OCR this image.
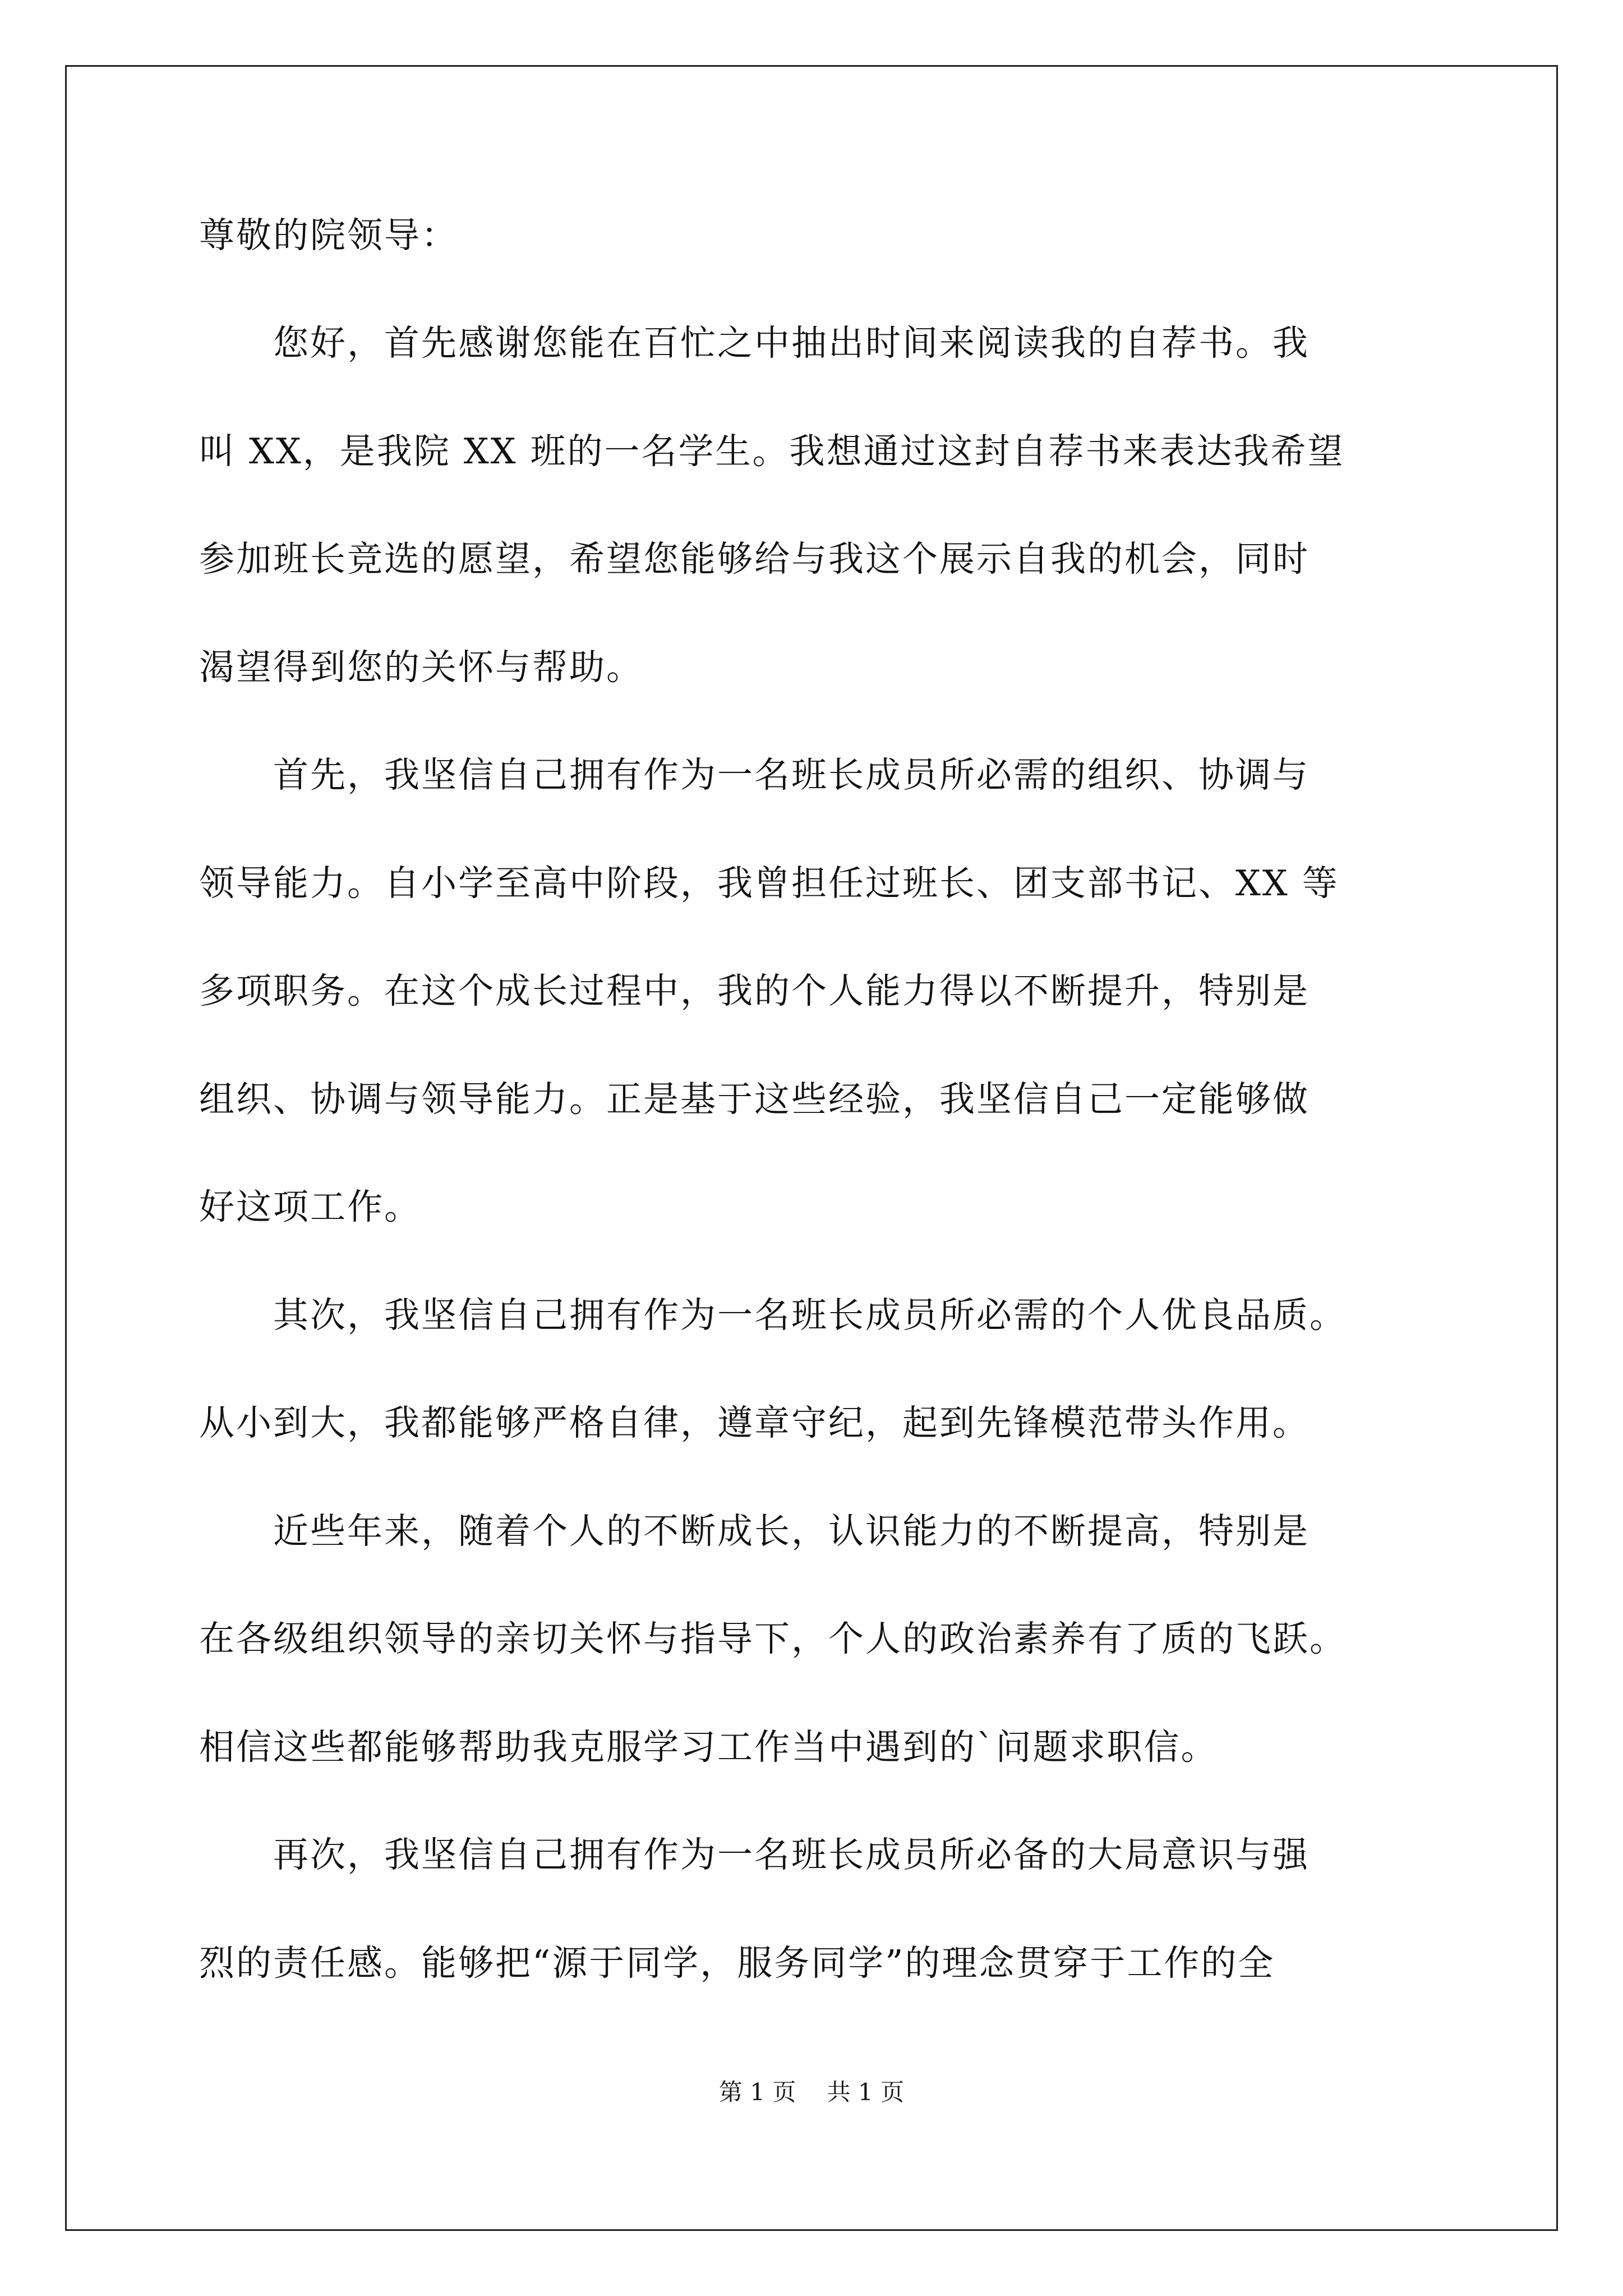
尊敬的院领导：

　　您好，首先感谢您能在百忙之中抽出时间来阅读我的自荐书。我

叫 XX，是我院 XX 班的一名学生。我想通过这封自荐书来表达我希望

参加班长竞选的愿望，希望您能够给与我这个展示自我的机会，同时

渴望得到您的关怀与帮助。

　　首先，我坚信自己拥有作为一名班长成员所必需的组织、协调与

领导能力。自小学至高中阶段，我曾担任过班长、团支部书记、XX 等

多项职务。在这个成长过程中，我的个人能力得以不断提升，特别是

组织、协调与领导能力。正是基于这些经验，我坚信自己一定能够做

好这项工作。

　　其次，我坚信自己拥有作为一名班长成员所必需的个人优良品质。

从小到大，我都能够严格自律，遵章守纪，起到先锋模范带头作用。

　　近些年来，随着个人的不断成长，认识能力的不断提高，特别是

在各级组织领导的亲切关怀与指导下，个人的政治素养有了质的飞跃。

相信这些都能够帮助我克服学习工作当中遇到的`问题求职信。

　　再次，我坚信自己拥有作为一名班长成员所必备的大局意识与强

烈的责任感。能够把“源于同学，服务同学”的理念贯穿于工作的全

第 1 页　 共 1 页
